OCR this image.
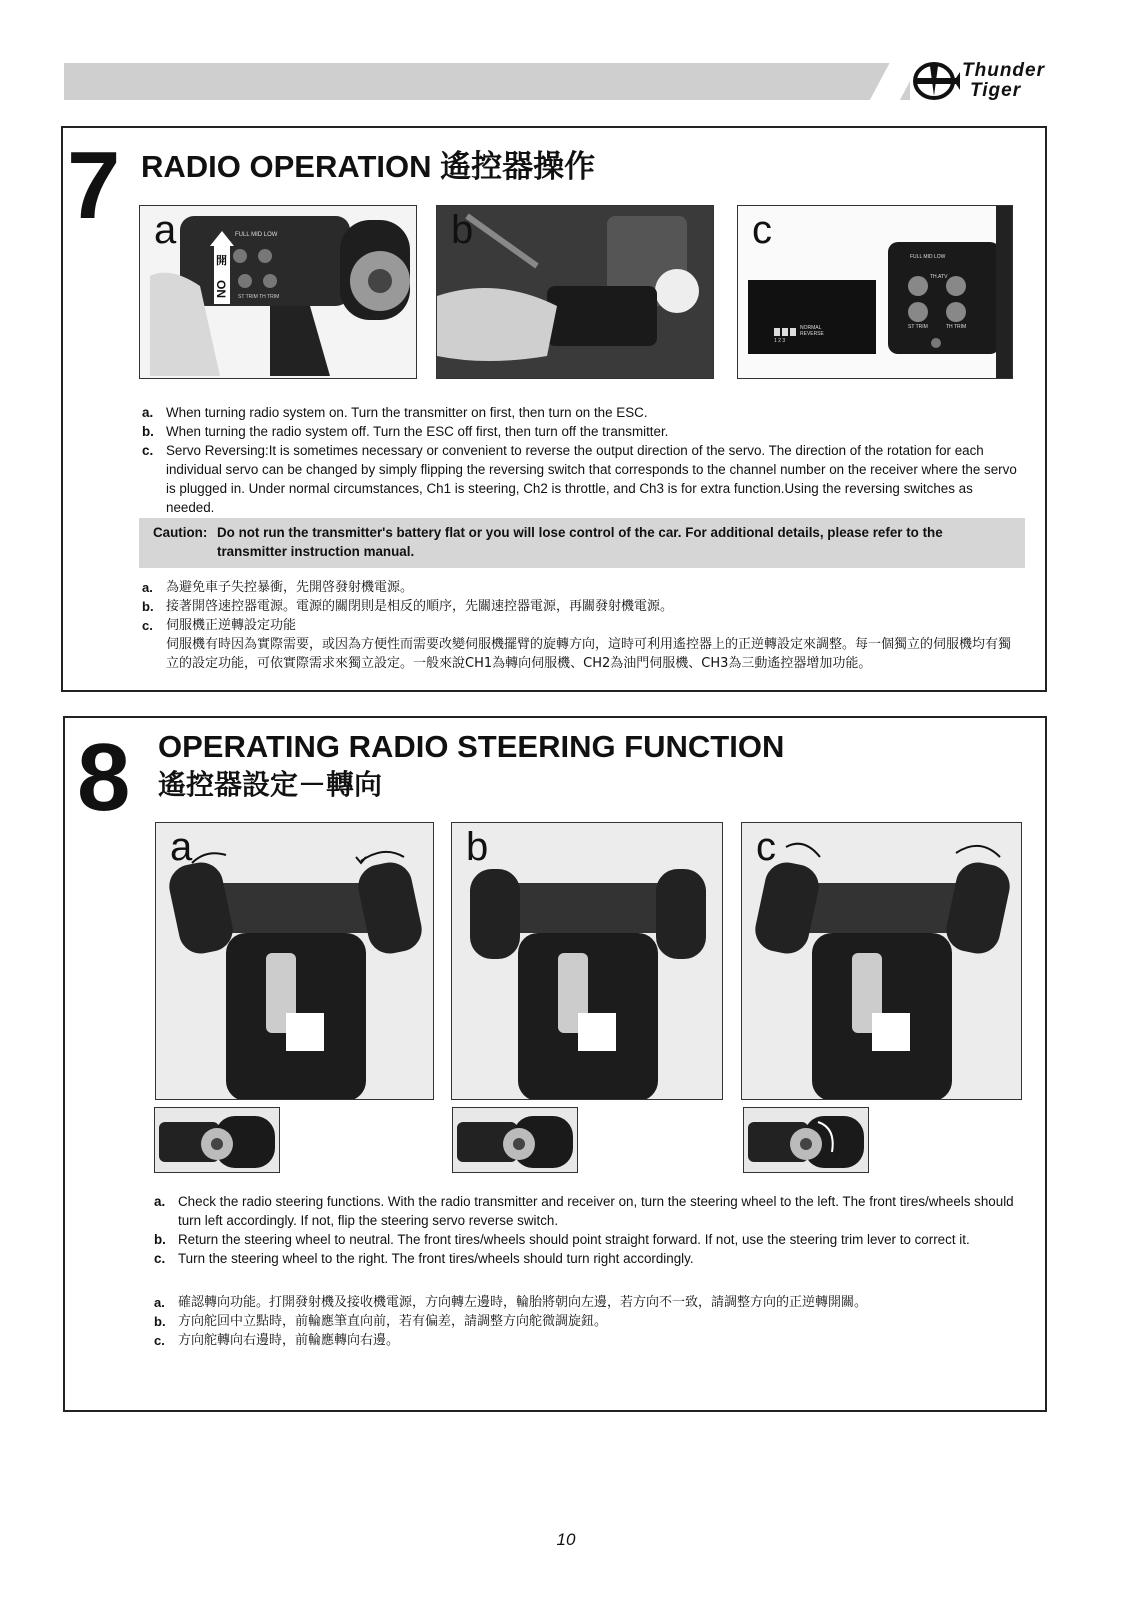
Thunder
Tiger
7 RADIO OPERATION 遙控器操作
a	FULL MID LOW
開
ON ST TRIM TH TRIM
b	c
NORMAL
REVERSE
1 2 3
FULL MID LOW
TH.ATV
ST TRIM	TH TRIM
a. When turning radio system on. Turn the transmitter on first, then turn on the ESC.
b. When turning the radio system off. Turn the ESC off first, then turn off the transmitter.
c. Servo Reversing:It is sometimes necessary or convenient to reverse the output direction of the servo. The direction of the rotation for each individual servo can be changed by simply flipping the reversing switch that corresponds to the channel number on the receiver where the servo is plugged in. Under normal circumstances, Ch1 is steering, Ch2 is throttle, and Ch3 is for extra function.Using the reversing switches as needed.
Caution: Do not run the transmitter's battery flat or you will lose control of the car. For additional details, please refer to the transmitter instruction manual.
a. 為避免車子失控暴衝，先開啓發射機電源。
b. 接著開啓速控器電源。電源的關閉則是相反的順序，先關速控器電源，再關發射機電源。
c. 伺服機正逆轉設定功能
伺服機有時因為實際需要，或因為方便性而需要改變伺服機擺臂的旋轉方向，這時可利用遙控器上的正逆轉設定來調整。每一個獨立的伺服機均有獨立的設定功能，可依實際需求來獨立設定。一般來說CH1為轉向伺服機、CH2為油門伺服機、CH3為三動遙控器增加功能。
8 OPERATING RADIO STEERING FUNCTION
遙控器設定－轉向
a	b	c
a. Check the radio steering functions. With the radio transmitter and receiver on, turn the steering wheel to the left. The front tires/wheels should turn left accordingly. If not, flip the steering servo reverse switch.
b. Return the steering wheel to neutral. The front tires/wheels should point straight forward. If not, use the steering trim lever to correct it.
c. Turn the steering wheel to the right. The front tires/wheels should turn right accordingly.
a. 確認轉向功能。打開發射機及接收機電源，方向轉左邊時，輪胎將朝向左邊，若方向不一致，請調整方向的正逆轉開關。
b. 方向舵回中立點時，前輪應筆直向前，若有偏差，請調整方向舵微調旋鈕。
c. 方向舵轉向右邊時，前輪應轉向右邊。
10
